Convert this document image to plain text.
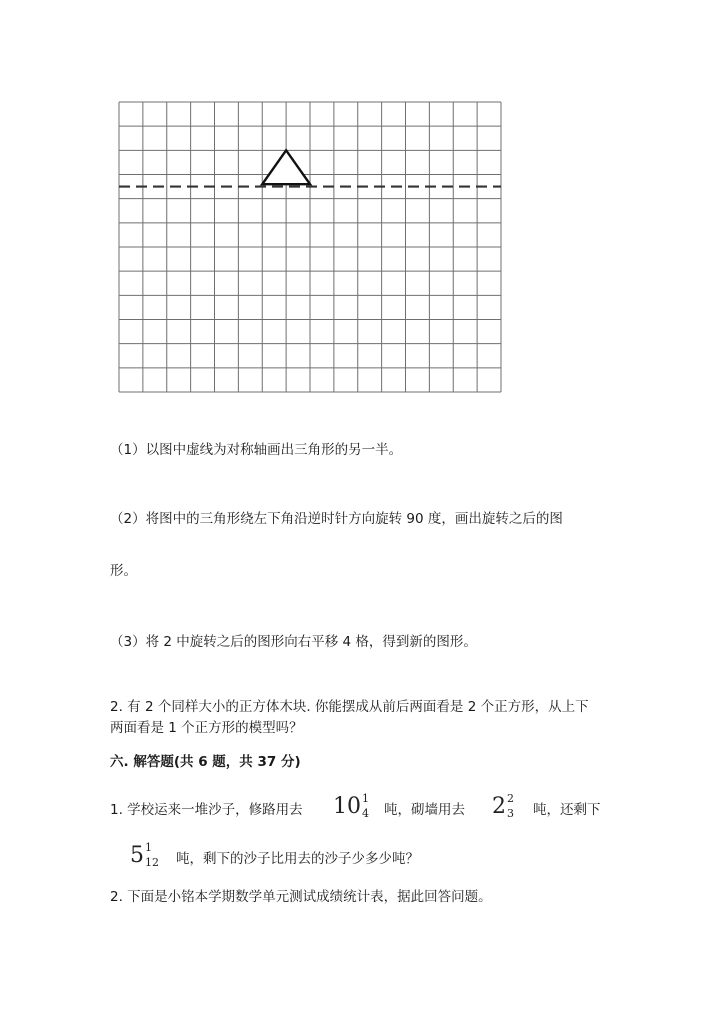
（1）以图中虚线为对称轴画出三角形的另一半。
（2）将图中的三角形绕左下角沿逆时针方向旋转 90 度，画出旋转之后的图
形。
（3）将 2 中旋转之后的图形向右平移 4 格，得到新的图形。
2. 有 2 个同样大小的正方体木块. 你能摆成从前后两面看是 2 个正方形，从上下
两面看是 1 个正方形的模型吗？
六. 解答题(共 6 题，共 37 分)
1. 学校运来一堆沙子，修路用去 10 1
4 吨，砌墙用去 2 2
3 吨，还剩下
5 1
12 吨，剩下的沙子比用去的沙子少多少吨？
2. 下面是小铭本学期数学单元测试成绩统计表，据此回答问题。
